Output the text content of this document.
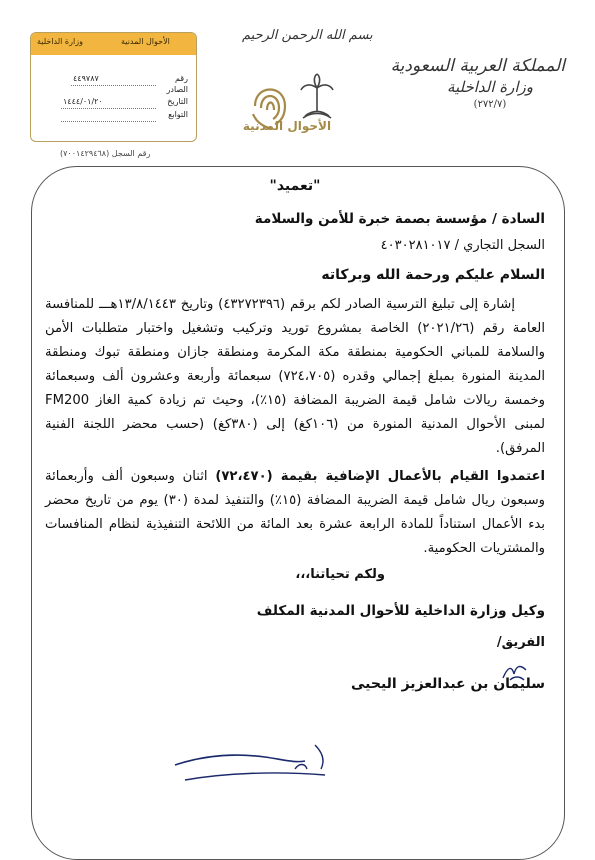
وزارة الداخلية	الأحوال المدنية
رقم
٤٤٩٧٨٧
الصادر
التاريخ
١٤٤٤/٠١/٢٠
التوابع
رقم السجل (٧٠٠١٤٢٩٤٦٨)
بسم الله الرحمن الرحيم
الأحوال المدنية
المملكة العربية السعودية
وزارة الداخلية
(٢٧٢/٧)
"تعميد"
السادة / مؤسسة بصمة خبرة للأمن والسلامة
السجل التجاري / ٤٠٣٠٢٨١٠١٧
السلام عليكم ورحمة الله وبركاته
إشارة إلى تبليغ الترسية الصادر لكم برقم (٤٣٢٧٢٣٩٦) وتاريخ ١٣/٨/١٤٤٣هـــ للمنافسة العامة رقم (٢٠٢١/٢٦) الخاصة بمشروع توريد وتركيب وتشغيل واختبار متطلبات الأمن والسلامة للمباني الحكومية بمنطقة مكة المكرمة ومنطقة جازان ومنطقة تبوك ومنطقة المدينة المنورة بمبلغ إجمالي وقدره (٧٢٤،٧٠٥) سبعمائة وأربعة وعشرون ألف وسبعمائة وخمسة ريالات شامل قيمة الضريبة المضافة (١٥٪)، وحيث تم زيادة كمية الغاز FM200 لمبنى الأحوال المدنية المنورة من (١٠٦كغ) إلى (٣٨٠كغ) (حسب محضر اللجنة الفنية المرفق).
اعتمدوا القيام بالأعمال الإضافية بقيمة (٧٢،٤٧٠) اثنان وسبعون ألف وأربعمائة وسبعون ريال شامل قيمة الضريبة المضافة (١٥٪) والتنفيذ لمدة (٣٠) يوم من تاريخ محضر بدء الأعمال استناداً للمادة الرابعة عشرة بعد المائة من اللائحة التنفيذية لنظام المنافسات والمشتريات الحكومية.
ولكم تحياتنا،،،
وكيل وزارة الداخلية للأحوال المدنية المكلف
الفريق/
سليمان بن عبدالعزيز اليحيى
